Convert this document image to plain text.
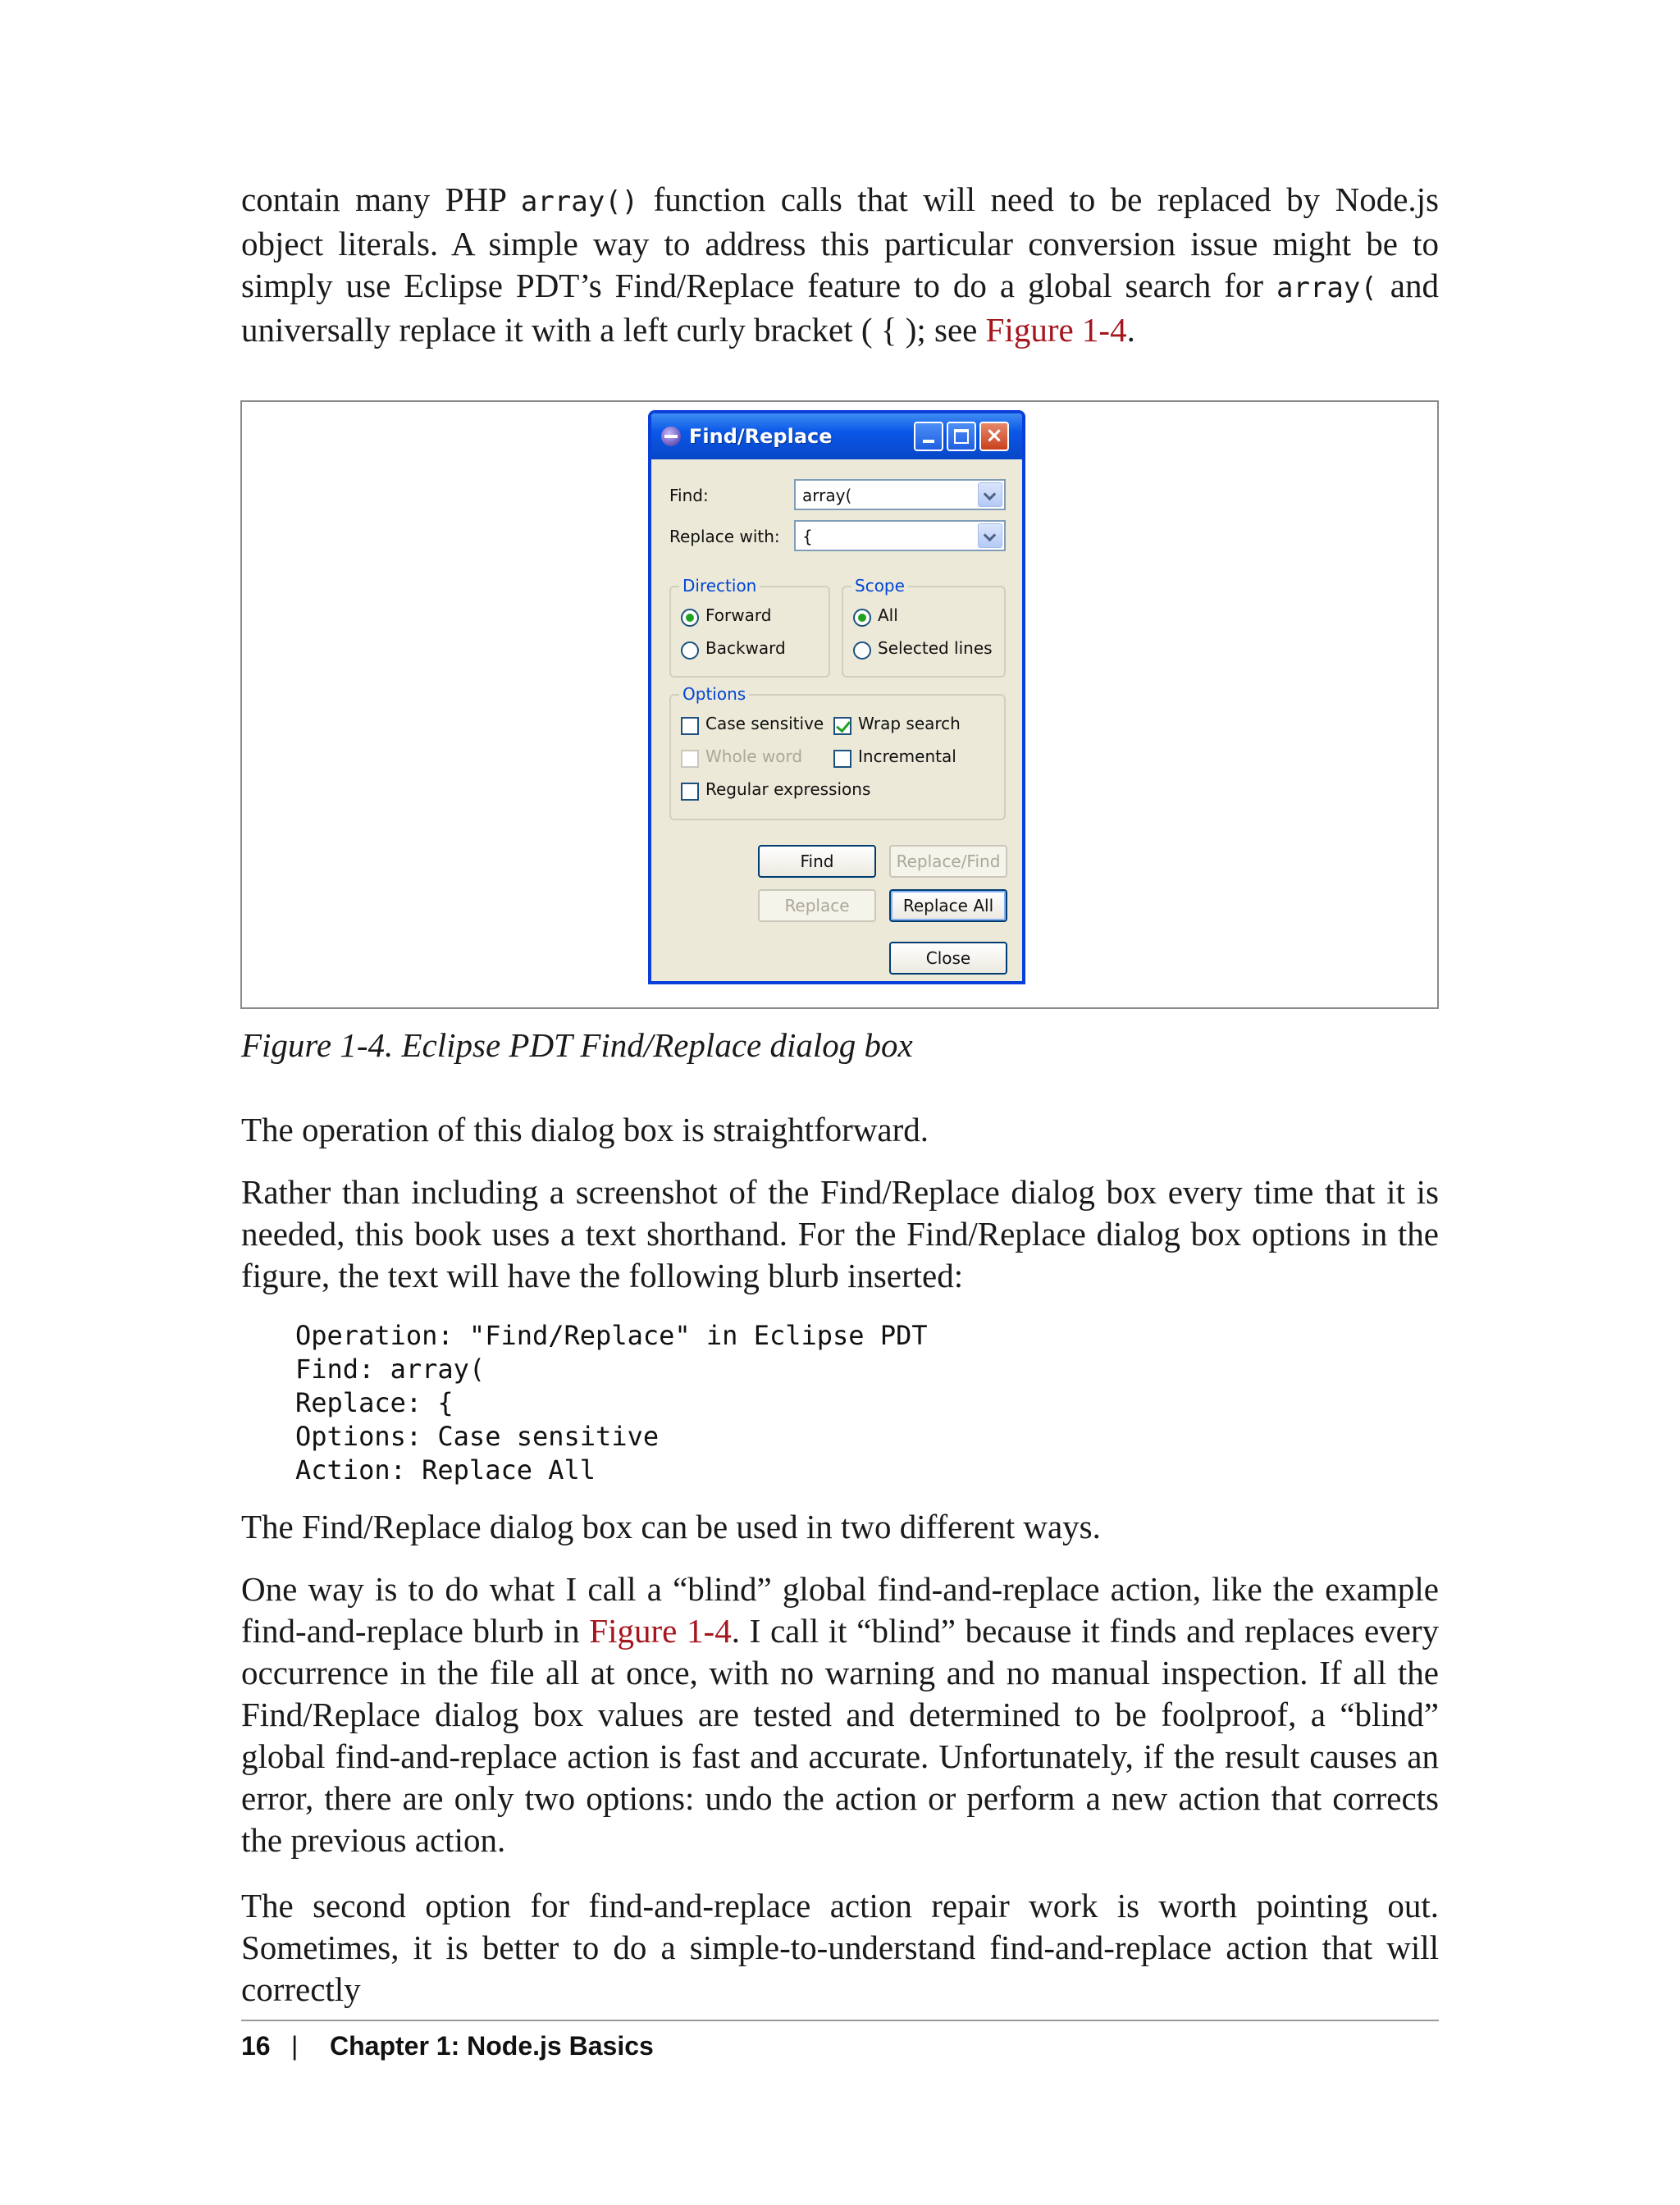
contain many PHP array() function calls that will need to be replaced by Node.js object literals. A simple way to address this particular conversion issue might be to simply use Eclipse PDT’s Find/Replace feature to do a global search for array( and universally replace it with a left curly bracket ( { ); see Figure 1-4.

Find/Replace	×
Find:	array(
Replace with: {
Direction
Forward
Backward
Scope
All
Selected lines
Options
Case sensitive Wrap search
Whole word	Incremental
Regular expressions
Find	Replace/Find
Replace	Replace All
Close

Figure 1-4. Eclipse PDT Find/Replace dialog box

The operation of this dialog box is straightforward.

Rather than including a screenshot of the Find/Replace dialog box every time that it is needed, this book uses a text shorthand. For the Find/Replace dialog box options in the figure, the text will have the following blurb inserted:

Operation: "Find/Replace" in Eclipse PDT
Find: array(
Replace: {
Options: Case sensitive
Action: Replace All

The Find/Replace dialog box can be used in two different ways.

One way is to do what I call a “blind” global find-and-replace action, like the example find-and-replace blurb in Figure 1-4. I call it “blind” because it finds and replaces every occurrence in the file all at once, with no warning and no manual inspection. If all the Find/Replace dialog box values are tested and determined to be foolproof, a “blind” global find-and-replace action is fast and accurate. Unfortunately, if the result causes an error, there are only two options: undo the action or perform a new action that corrects the previous action.

The second option for find-and-replace action repair work is worth pointing out. Sometimes, it is better to do a simple-to-understand find-and-replace action that will correctly

16 | Chapter 1: Node.js Basics
